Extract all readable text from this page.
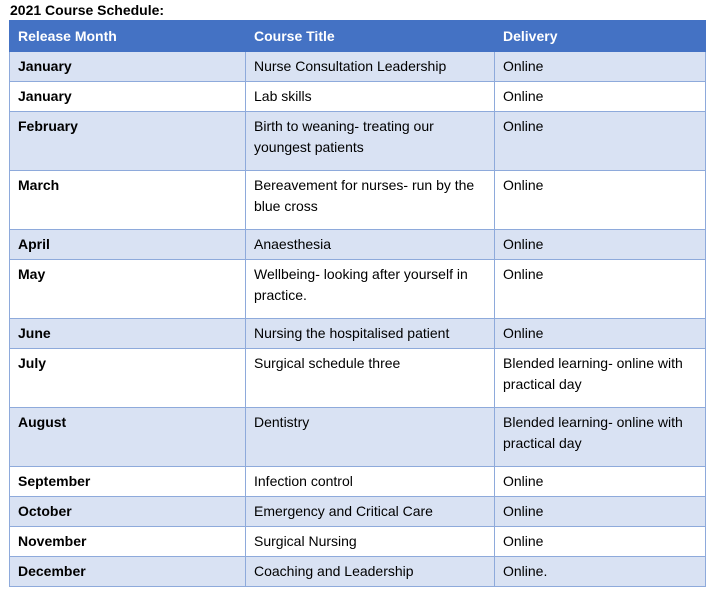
2021 Course Schedule:
Release Month	Course Title	Delivery
January	Nurse Consultation Leadership	Online
January	Lab skills	Online
February	Birth to weaning- treating our youngest patients	Online
March	Bereavement for nurses- run by the blue cross	Online
April	Anaesthesia	Online
May	Wellbeing- looking after yourself in practice.	Online
June	Nursing the hospitalised patient	Online
July	Surgical schedule three	Blended learning- online with practical day
August	Dentistry	Blended learning- online with practical day
September	Infection control	Online
October	Emergency and Critical Care	Online
November	Surgical Nursing	Online
December	Coaching and Leadership	Online.
